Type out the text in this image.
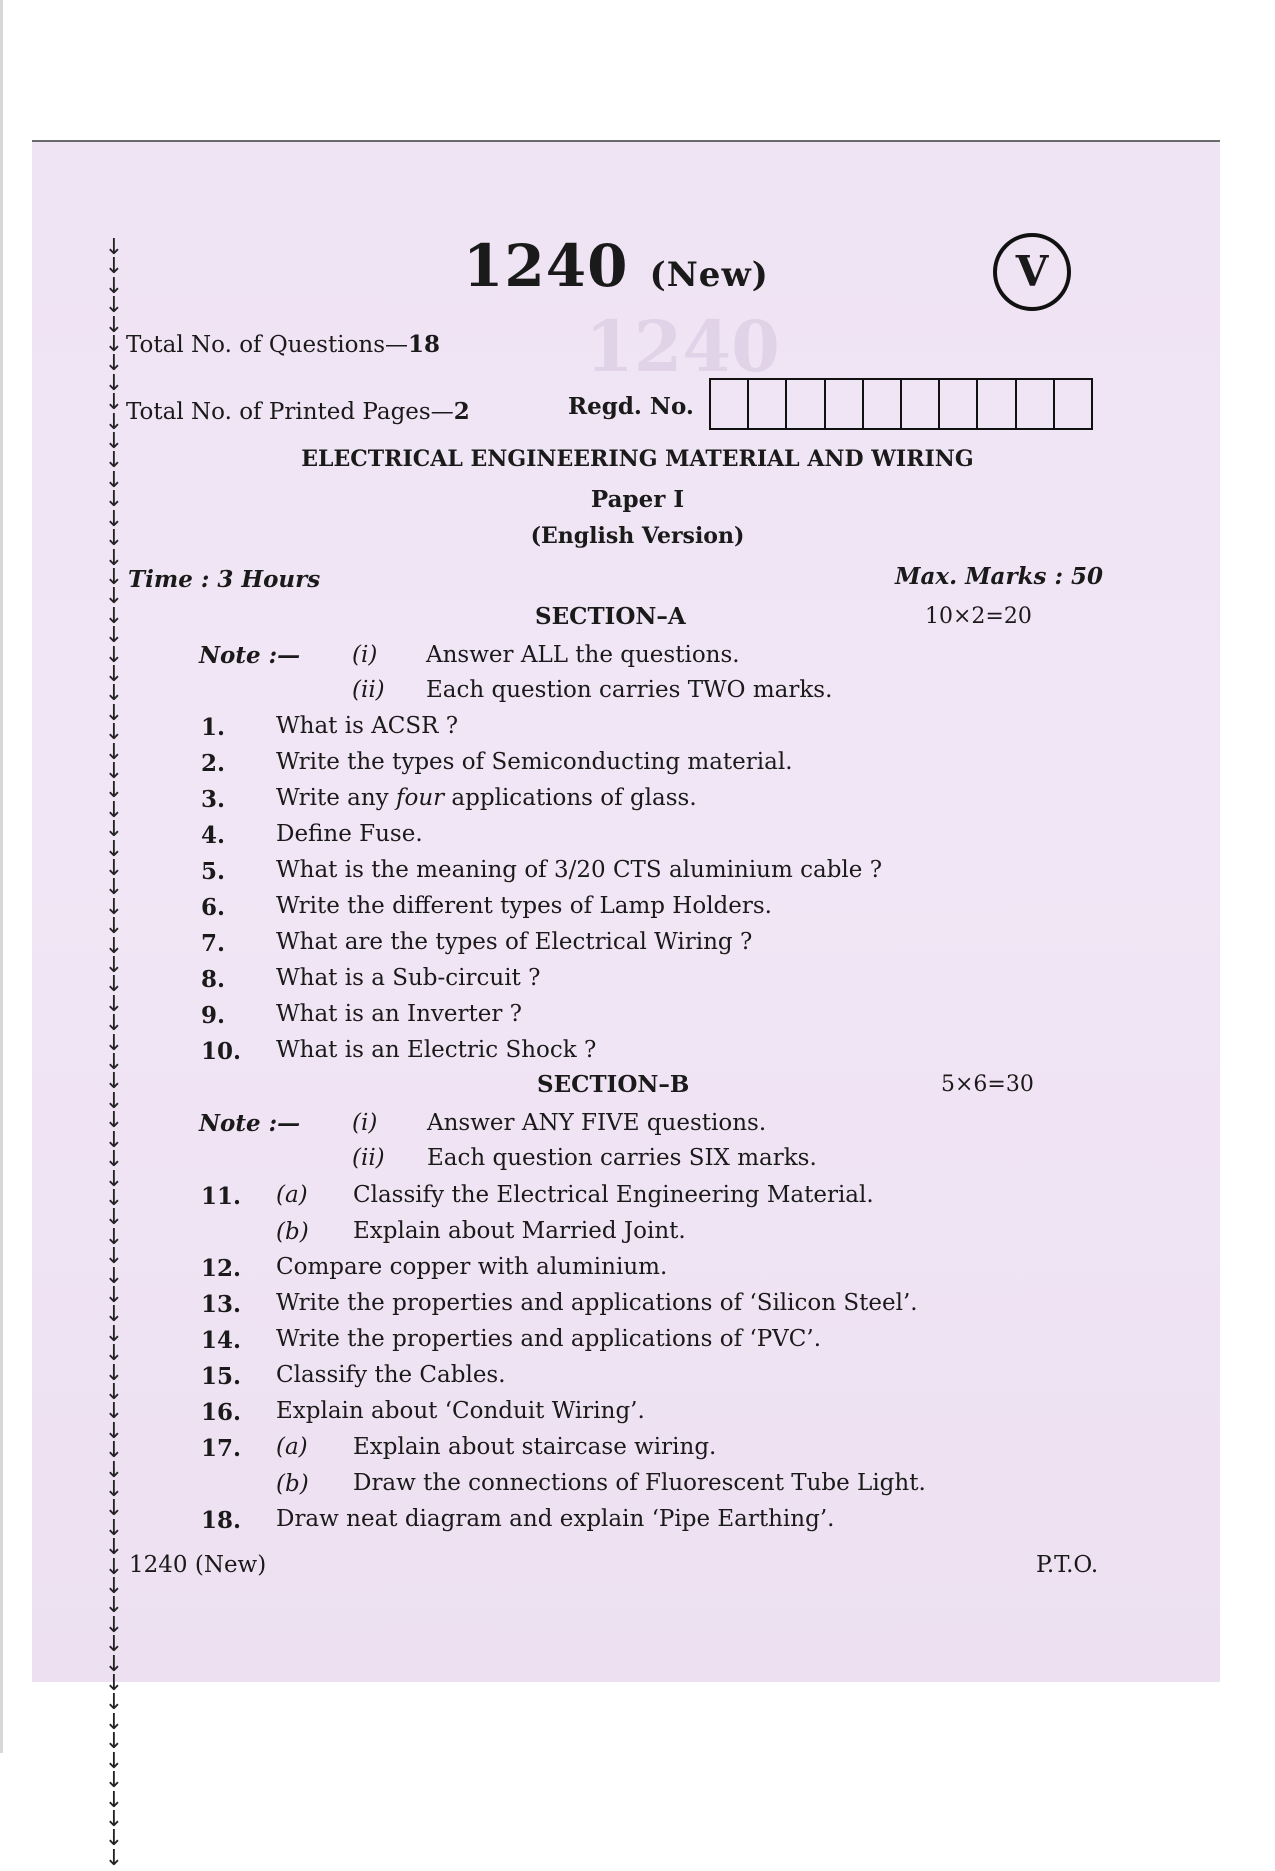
1240
↓
↓
↓
↓
↓
↓
↓
↓
↓
↓
↓
↓
↓
↓
↓
↓
↓
↓
↓
↓
↓
↓
↓
↓
↓
↓
↓
↓
↓
↓
↓
↓
↓
↓
↓
↓
↓
↓
↓
↓
↓
↓
↓
↓
↓
↓
↓
↓
↓
↓
↓
↓
↓
↓
↓
↓
↓
↓
↓
↓
↓
↓
↓
↓
↓
↓
↓
↓
↓
↓
↓
↓
↓
↓
↓
↓
↓
↓
↓
↓
↓
↓
↓
↓
1240 (New)	V
Total No. of Questions—18
Total No. of Printed Pages—2	Regd. No.
ELECTRICAL ENGINEERING MATERIAL AND WIRING
Paper I
(English Version)
Time : 3 Hours	Max. Marks : 50
SECTION–A	10×2=20
Note :— (i) Answer ALL the questions.
(ii) Each question carries TWO marks.
1. What is ACSR ?
2. Write the types of Semiconducting material.
3. Write any four applications of glass.
4. Define Fuse.
5. What is the meaning of 3/20 CTS aluminium cable ?
6. Write the different types of Lamp Holders.
7. What are the types of Electrical Wiring ?
8. What is a Sub-circuit ?
9. What is an Inverter ?
10. What is an Electric Shock ?
SECTION–B	5×6=30
Note :— (i) Answer ANY FIVE questions.
(ii) Each question carries SIX marks.
11. (a) Classify the Electrical Engineering Material.
(b) Explain about Married Joint.
12. Compare copper with aluminium.
13. Write the properties and applications of ‘Silicon Steel’.
14. Write the properties and applications of ‘PVC’.
15. Classify the Cables.
16. Explain about ‘Conduit Wiring’.
17. (a) Explain about staircase wiring.
(b) Draw the connections of Fluorescent Tube Light.
18. Draw neat diagram and explain ‘Pipe Earthing’.
1240 (New)	P.T.O.
